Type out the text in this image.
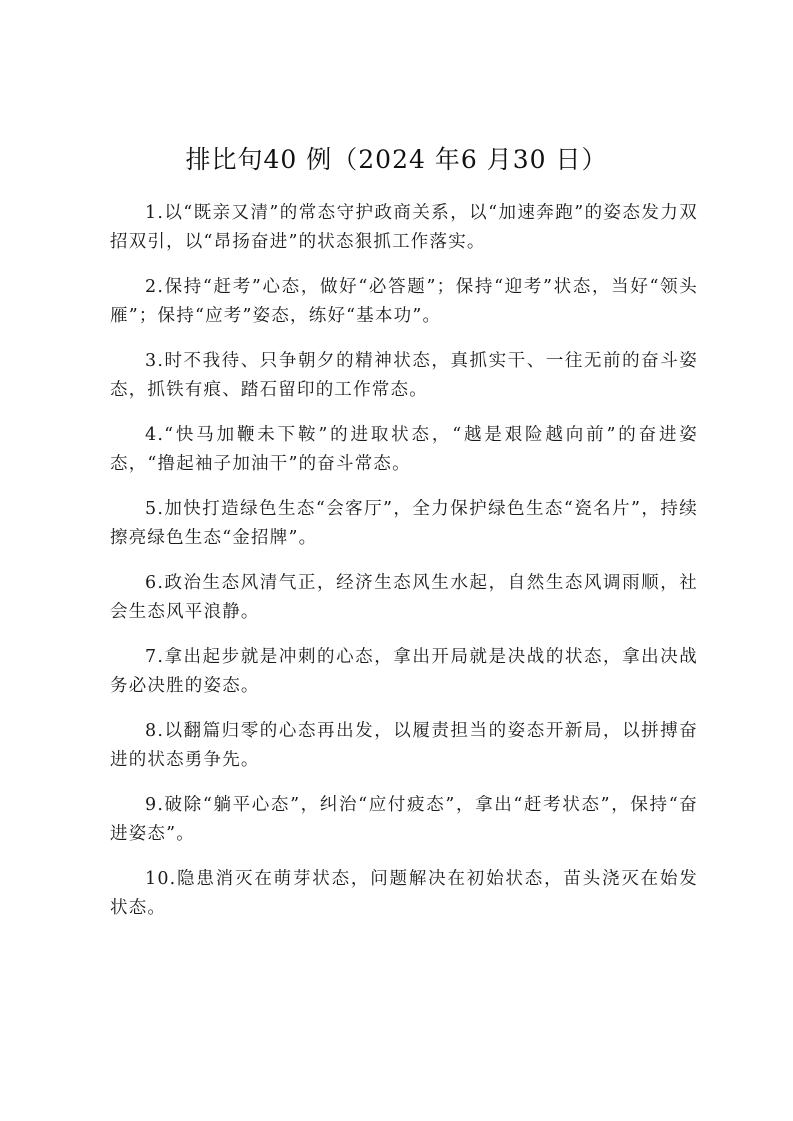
排比句40 例（2024 年6 月30 日）

1.以“既亲又清”的常态守护政商关系，以“加速奔跑”的姿态发力双招双引，以“昂扬奋进”的状态狠抓工作落实。

2.保持“赶考”心态，做好“必答题”；保持“迎考”状态，当好“领头雁”；保持“应考”姿态，练好“基本功”。

3.时不我待、只争朝夕的精神状态，真抓实干、一往无前的奋斗姿态，抓铁有痕、踏石留印的工作常态。

4.“快马加鞭未下鞍”的进取状态，“越是艰险越向前”的奋进姿态，“撸起袖子加油干”的奋斗常态。

5.加快打造绿色生态“会客厅”，全力保护绿色生态“瓷名片”，持续擦亮绿色生态“金招牌”。

6.政治生态风清气正，经济生态风生水起，自然生态风调雨顺，社会生态风平浪静。

7.拿出起步就是冲刺的心态，拿出开局就是决战的状态，拿出决战务必决胜的姿态。

8.以翻篇归零的心态再出发，以履责担当的姿态开新局，以拼搏奋进的状态勇争先。

9.破除“躺平心态”，纠治“应付疲态”，拿出“赶考状态”，保持“奋进姿态”。

10.隐患消灭在萌芽状态，问题解决在初始状态，苗头浇灭在始发状态。
